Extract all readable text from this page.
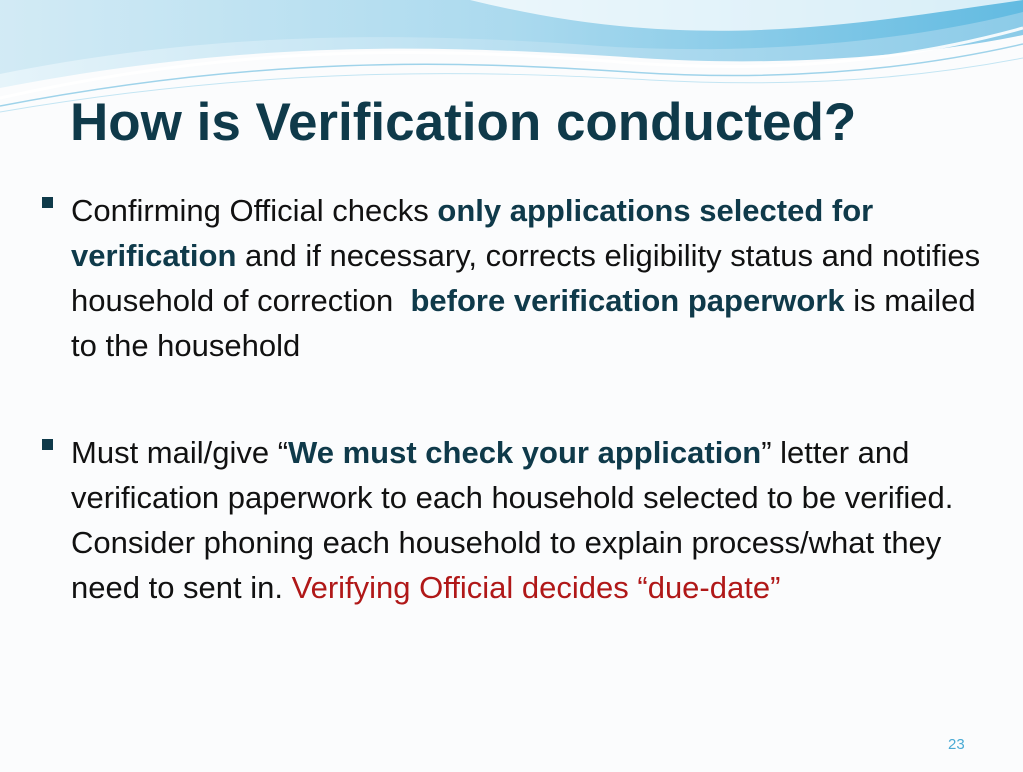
How is Verification conducted?
Confirming Official checks only applications selected for verification and if necessary, corrects eligibility status and notifies household of correction  before verification paperwork is mailed to the household
Must mail/give “We must check your application” letter and verification paperwork to each household selected to be verified. Consider phoning each household to explain process/what they need to sent in. Verifying Official decides “due-date”
23
